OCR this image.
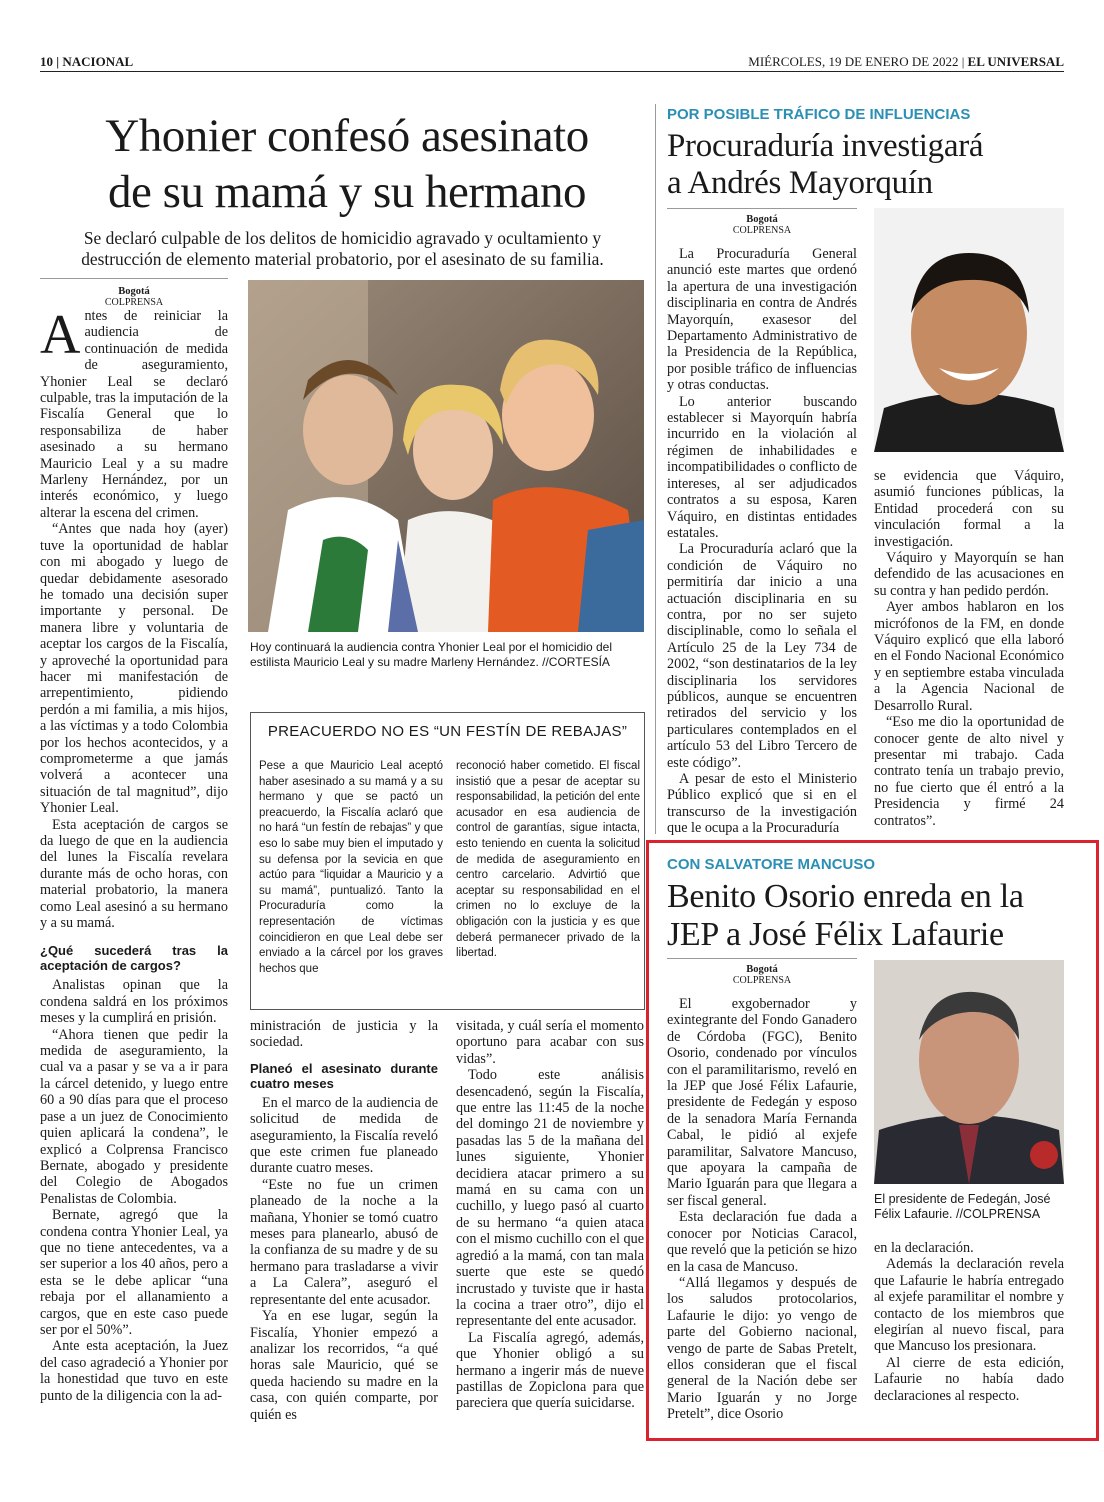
10 | NACIONAL	MIÉRCOLES, 19 DE ENERO DE 2022 | EL UNIVERSAL
Yhonier confesó asesinato
de su mamá y su hermano
Se declaró culpable de los delitos de homicidio agravado y ocultamiento y
destrucción de elemento material probatorio, por el asesinato de su familia.
Bogotá
COLPRENSA

Antes de reiniciar la audiencia de continuación de medida de aseguramiento, Yhonier Leal se declaró culpable, tras la imputación de la Fiscalía General que lo responsabiliza de haber asesinado a su hermano Mauricio Leal y a su madre Marleny Hernández, por un interés económico, y luego alterar la escena del crimen.

“Antes que nada hoy (ayer) tuve la oportunidad de hablar con mi abogado y luego de quedar debidamente asesorado he tomado una decisión super importante y personal. De manera libre y voluntaria de aceptar los cargos de la Fiscalía, y aproveché la oportunidad para hacer mi manifestación de arrepentimiento, pidiendo perdón a mi familia, a mis hijos, a las víctimas y a todo Colombia por los hechos acontecidos, y a comprometerme a que jamás volverá a acontecer una situación de tal magnitud”, dijo Yhonier Leal.

Esta aceptación de cargos se da luego de que en la audiencia del lunes la Fiscalía revelara durante más de ocho horas, con material probatorio, la manera como Leal asesinó a su hermano y a su mamá.

¿Qué sucederá tras la aceptación de cargos?

Analistas opinan que la condena saldrá en los próximos meses y la cumplirá en prisión.

“Ahora tienen que pedir la medida de aseguramiento, la cual va a pasar y se va a ir para la cárcel detenido, y luego entre 60 a 90 días para que el proceso pase a un juez de Conocimiento quien aplicará la condena”, le explicó a Colprensa Francisco Bernate, abogado y presidente del Colegio de Abogados Penalistas de Colombia.

Bernate, agregó que la condena contra Yhonier Leal, ya que no tiene antecedentes, va a ser superior a los 40 años, pero a esta se le debe aplicar “una rebaja por el allanamiento a cargos, que en este caso puede ser por el 50%”.

Ante esta aceptación, la Juez del caso agradeció a Yhonier por la honestidad que tuvo en este punto de la diligencia con la ad-

Hoy continuará la audiencia contra Yhonier Leal por el homicidio del estilista Mauricio Leal y su madre Marleny Hernández. //CORTESÍA
PREACUERDO NO ES “UN FESTÍN DE REBAJAS”
Pese a que Mauricio Leal aceptó haber asesinado a su mamá y a su hermano y que se pactó un preacuerdo, la Fiscalía aclaró que no hará “un festín de rebajas” y que eso lo sabe muy bien el imputado y su defensa por la sevicia en que actúo para “liquidar a Mauricio y a su mamá”, puntualizó. Tanto la Procuraduría como la representación de víctimas coincidieron en que Leal debe ser enviado a la cárcel por los graves hechos que
reconoció haber cometido. El fiscal insistió que a pesar de aceptar su responsabilidad, la petición del ente acusador en esa audiencia de control de garantías, sigue intacta, esto teniendo en cuenta la solicitud de medida de aseguramiento en centro carcelario. Advirtió que aceptar su responsabilidad en el crimen no lo excluye de la obligación con la justicia y es que deberá permanecer privado de la libertad.

ministración de justicia y la sociedad.

Planeó el asesinato durante cuatro meses

En el marco de la audiencia de solicitud de medida de aseguramiento, la Fiscalía reveló que este crimen fue planeado durante cuatro meses.

“Este no fue un crimen planeado de la noche a la mañana, Yhonier se tomó cuatro meses para planearlo, abusó de la confianza de su madre y de su hermano para trasladarse a vivir a La Calera”, aseguró el representante del ente acusador.

Ya en ese lugar, según la Fiscalía, Yhonier empezó a analizar los recorridos, “a qué horas sale Mauricio, qué se queda haciendo su madre en la casa, con quién comparte, por quién es

visitada, y cuál sería el momento oportuno para acabar con sus vidas”.

Todo este análisis desencadenó, según la Fiscalía, que entre las 11:45 de la noche del domingo 21 de noviembre y pasadas las 5 de la mañana del lunes siguiente, Yhonier decidiera atacar primero a su mamá en su cama con un cuchillo, y luego pasó al cuarto de su hermano “a quien ataca con el mismo cuchillo con el que agredió a la mamá, con tan mala suerte que este se quedó incrustado y tuviste que ir hasta la cocina a traer otro”, dijo el representante del ente acusador.

La Fiscalía agregó, además, que Yhonier obligó a su hermano a ingerir más de nueve pastillas de Zopiclona para que pareciera que quería suicidarse.

POR POSIBLE TRÁFICO DE INFLUENCIAS
Procuraduría investigará
a Andrés Mayorquín
Bogotá
COLPRENSA

La Procuraduría General anunció este martes que ordenó la apertura de una investigación disciplinaria en contra de Andrés Mayorquín, exasesor del Departamento Administrativo de la Presidencia de la República, por posible tráfico de influencias y otras conductas.

Lo anterior buscando establecer si Mayorquín habría incurrido en la violación al régimen de inhabilidades e incompatibilidades o conflicto de intereses, al ser adjudicados contratos a su esposa, Karen Váquiro, en distintas entidades estatales.

La Procuraduría aclaró que la condición de Váquiro no permitiría dar inicio a una actuación disciplinaria en su contra, por no ser sujeto disciplinable, como lo señala el Artículo 25 de la Ley 734 de 2002, “son destinatarios de la ley disciplinaria los servidores públicos, aunque se encuentren retirados del servicio y los particulares contemplados en el artículo 53 del Libro Tercero de este código”.

A pesar de esto el Ministerio Público explicó que si en el transcurso de la investigación que le ocupa a la Procuraduría

se evidencia que Váquiro, asumió funciones públicas, la Entidad procederá con su vinculación formal a la investigación.

Váquiro y Mayorquín se han defendido de las acusaciones en su contra y han pedido perdón.

Ayer ambos hablaron en los micrófonos de la FM, en donde Váquiro explicó que ella laboró en el Fondo Nacional Económico y en septiembre estaba vinculada a la Agencia Nacional de Desarrollo Rural.

“Eso me dio la oportunidad de conocer gente de alto nivel y presentar mi trabajo. Cada contrato tenía un trabajo previo, no fue cierto que él entró a la Presidencia y firmé 24 contratos”.

CON SALVATORE MANCUSO
Benito Osorio enreda en la
JEP a José Félix Lafaurie
Bogotá
COLPRENSA

El exgobernador y exintegrante del Fondo Ganadero de Córdoba (FGC), Benito Osorio, condenado por vínculos con el paramilitarismo, reveló en la JEP que José Félix Lafaurie, presidente de Fedegán y esposo de la senadora María Fernanda Cabal, le pidió al exjefe paramilitar, Salvatore Mancuso, que apoyara la campaña de Mario Iguarán para que llegara a ser fiscal general.

Esta declaración fue dada a conocer por Noticias Caracol, que reveló que la petición se hizo en la casa de Mancuso.

“Allá llegamos y después de los saludos protocolarios, Lafaurie le dijo: yo vengo de parte del Gobierno nacional, vengo de parte de Sabas Pretelt, ellos consideran que el fiscal general de la Nación debe ser Mario Iguarán y no Jorge Pretelt”, dice Osorio

El presidente de Fedegán, José Félix Lafaurie. //COLPRENSA

en la declaración.

Además la declaración revela que Lafaurie le habría entregado al exjefe paramilitar el nombre y contacto de los miembros que elegirían al nuevo fiscal, para que Mancuso los presionara.

Al cierre de esta edición, Lafaurie no había dado declaraciones al respecto.
